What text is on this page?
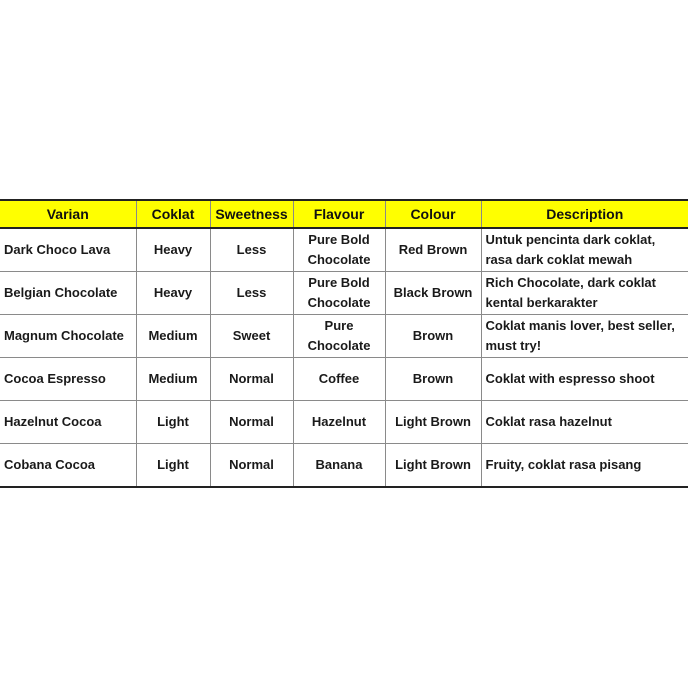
Varian	Coklat	Sweetness	Flavour	Colour	Description
Dark Choco Lava	Heavy	Less	Pure Bold Chocolate	Red Brown	Untuk pencinta dark coklat, rasa dark coklat mewah
Belgian Chocolate	Heavy	Less	Pure Bold Chocolate	Black Brown	Rich Chocolate, dark coklat kental berkarakter
Magnum Chocolate	Medium	Sweet	Pure Chocolate	Brown	Coklat manis lover, best seller, must try!
Cocoa Espresso	Medium	Normal	Coffee	Brown	Coklat with espresso shoot
Hazelnut Cocoa	Light	Normal	Hazelnut	Light Brown	Coklat rasa hazelnut
Cobana Cocoa	Light	Normal	Banana	Light Brown	Fruity, coklat rasa pisang
